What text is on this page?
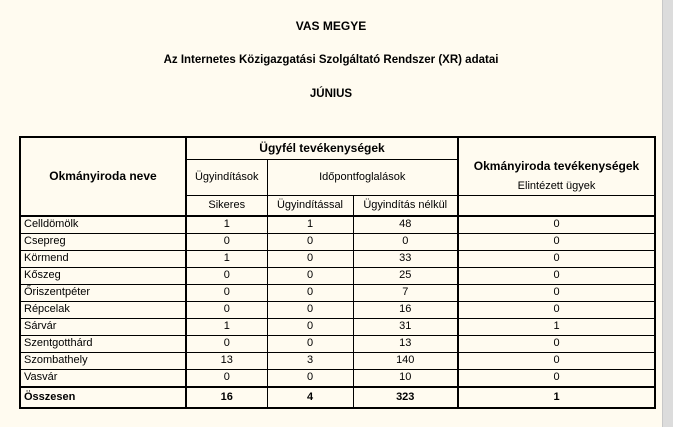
VAS MEGYE
Az Internetes Közigazgatási Szolgáltató Rendszer (XR) adatai
JÚNIUS
Okmányiroda neve	Ügyfél tevékenységek			Okmányiroda tevékenységek
	Ügyindítások	Időpontfoglalások		
	Sikeres	Ügyindítással	Ügyindítás nélkül	Elintézett ügyek
Celldömölk	1	1	48	0
Csepreg	0	0	0	0
Körmend	1	0	33	0
Kőszeg	0	0	25	0
Őriszentpéter	0	0	7	0
Répcelak	0	0	16	0
Sárvár	1	0	31	1
Szentgotthárd	0	0	13	0
Szombathely	13	3	140	0
Vasvár	0	0	10	0
Összesen	16	4	323	1
